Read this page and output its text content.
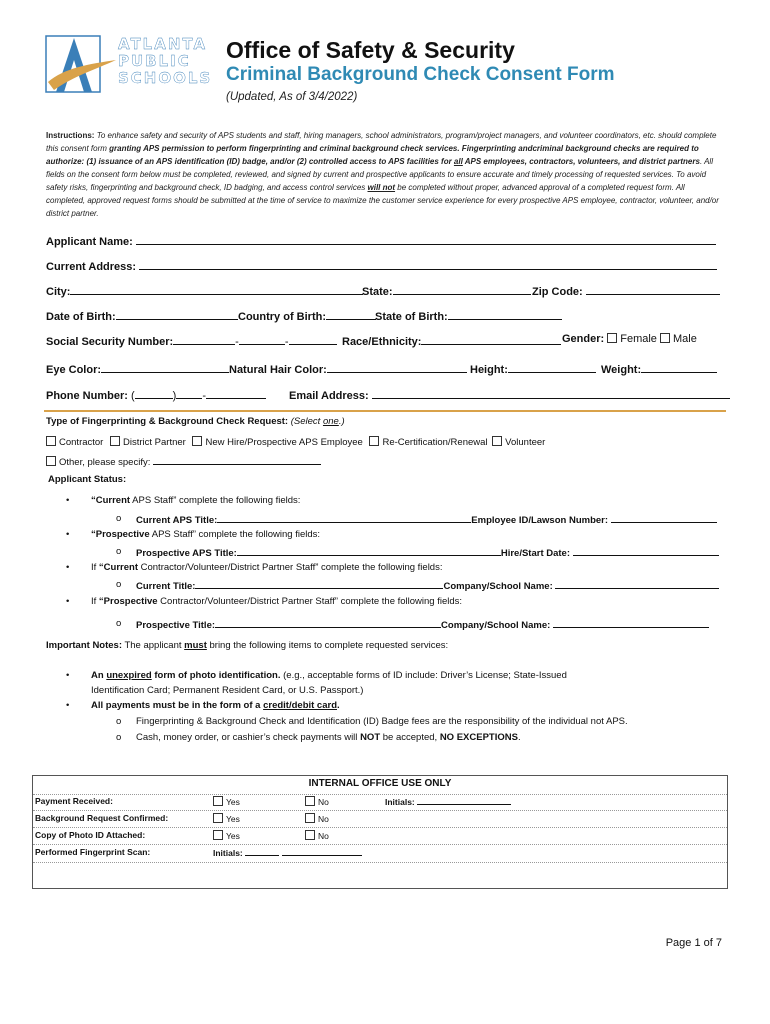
ATLANTA
PUBLIC
SCHOOLS
Office of Safety & Security
Criminal Background Check Consent Form
(Updated, As of 3/4/2022)
Instructions: To enhance safety and security of APS students and staff, hiring managers, school administrators, program/project managers, and volunteer coordinators, etc. should complete this consent form granting APS permission to perform fingerprinting and criminal background check services. Fingerprinting andcriminal background checks are required to authorize: (1) issuance of an APS identification (ID) badge, and/or (2) controlled access to APS facilities for all APS employees, contractors, volunteers, and district partners. All fields on the consent form below must be completed, reviewed, and signed by current and prospective applicants to ensure accurate and timely processing of requested services. To avoid safety risks, fingerprinting and background check, ID badging, and access control services will not be completed without proper, advanced approval of a completed request form. All completed, approved request forms should be submitted at the time of service to maximize the customer service experience for every prospective APS employee, contractor, volunteer, and/or district partner.
Applicant Name:
Current Address:
City:	State:	Zip Code:
Date of Birth:	Country of Birth:	State of Birth:
Social Security Number:	-	-	Race/Ethnicity:	Gender: Female Male
Eye Color:	Natural Hair Color:	Height:	Weight:
Phone Number: (	) -	Email Address:
Type of Fingerprinting & Background Check Request: (Select one.)
Contractor District Partner New Hire/Prospective APS Employee Re-Certification/Renewal Volunteer
Other, please specify:
Applicant Status:
• “Current APS Staff” complete the following fields:
o Current APS Title:	Employee ID/Lawson Number:
• “Prospective APS Staff” complete the following fields:
o Prospective APS Title:	Hire/Start Date:
• If “Current Contractor/Volunteer/District Partner Staff” complete the following fields:
o Current Title:	Company/School Name:
• If “Prospective Contractor/Volunteer/District Partner Staff” complete the following fields:
o Prospective Title:	Company/School Name:
Important Notes: The applicant must bring the following items to complete requested services:
• An unexpired form of photo identification. (e.g., acceptable forms of ID include: Driver’s License; State-Issued
Identification Card; Permanent Resident Card, or U.S. Passport.)
• All payments must be in the form of a credit/debit card.
o Fingerprinting & Background Check and Identification (ID) Badge fees are the responsibility of the individual not APS.
o Cash, money order, or cashier’s check payments will NOT be accepted, NO EXCEPTIONS.
INTERNAL OFFICE USE ONLY
Payment Received:	Yes	No	Initials:
Background Request Confirmed:	Yes	No
Copy of Photo ID Attached:	Yes	No
Performed Fingerprint Scan:	Initials:
Page 1 of 7
